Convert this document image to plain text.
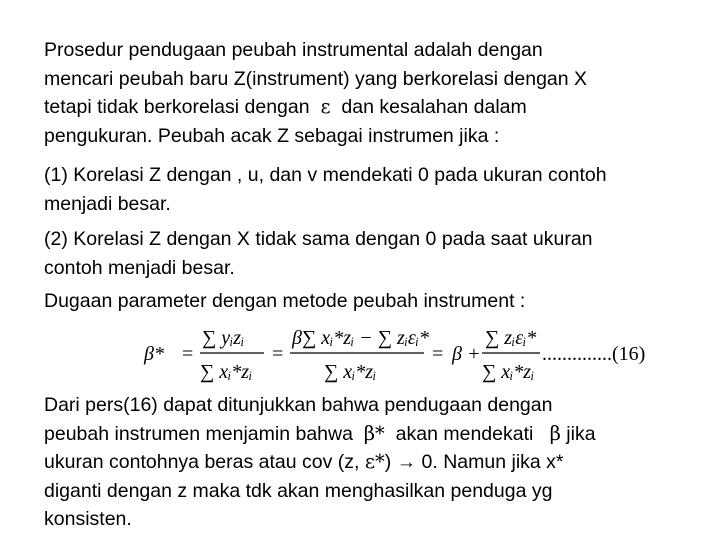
Prosedur pendugaan peubah instrumental adalah dengan
mencari peubah baru Z(instrument) yang berkorelasi dengan X
tetapi tidak berkorelasi dengan ε dan kesalahan dalam
pengukuran. Peubah acak Z sebagai instrumen jika :
(1) Korelasi Z dengan , u, dan v mendekati 0 pada ukuran contoh
menjadi besar.
(2) Korelasi Z dengan X tidak sama dengan 0 pada saat ukuran
contoh menjadi besar.
Dugaan parameter dengan metode peubah instrument :
β* =
∑ yᵢzᵢ
∑ xᵢ*zᵢ
=
β∑ xᵢ*zᵢ − ∑ zᵢεᵢ*
∑ xᵢ*zᵢ
= β +
∑ zᵢεᵢ*
∑ xᵢ*zᵢ
..............(16)
Dari pers(16) dapat ditunjukkan bahwa pendugaan dengan
peubah instrumen menjamin bahwa β* akan mendekati β jika
ukuran contohnya beras atau cov (z, ε*) → 0. Namun jika x*
diganti dengan z maka tdk akan menghasilkan penduga yg
konsisten.
